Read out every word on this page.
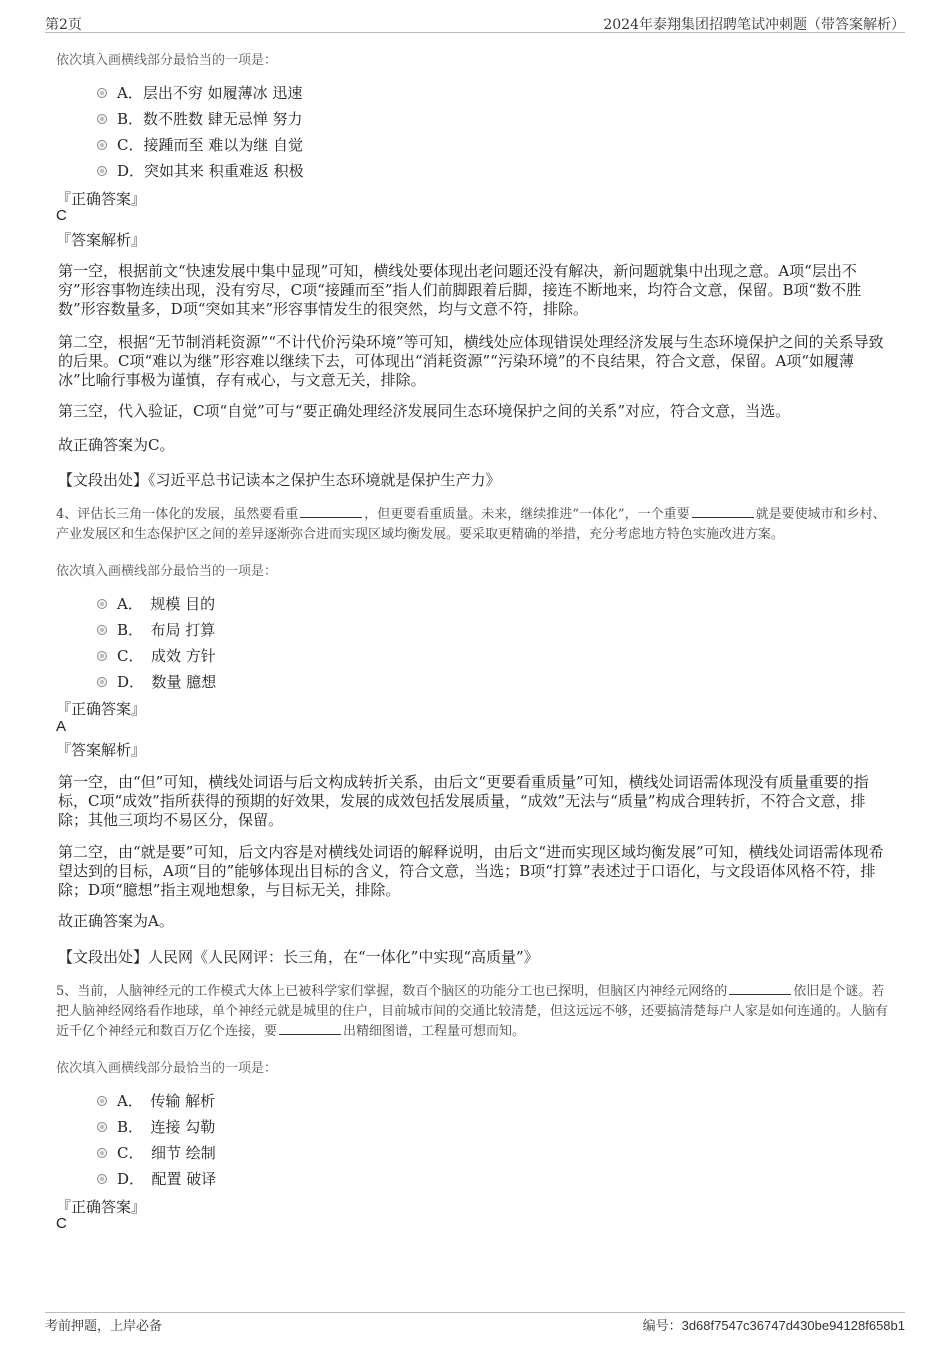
第2页	2024年泰翔集团招聘笔试冲刺题（带答案解析）
依次填入画横线部分最恰当的一项是：
A．层出不穷 如履薄冰 迅速
B．数不胜数 肆无忌惮 努力
C．接踵而至 难以为继 自觉
D．突如其来 积重难返 积极
『正确答案』
C
『答案解析』
第一空，根据前文“快速发展中集中显现”可知，横线处要体现出老问题还没有解决，新问题就集中出现之意。A项“层出不穷”形容事物连续出现，没有穷尽，C项“接踵而至”指人们前脚跟着后脚，接连不断地来，均符合文意，保留。B项“数不胜数”形容数量多，D项“突如其来”形容事情发生的很突然，均与文意不符，排除。
第二空，根据“无节制消耗资源”“不计代价污染环境”等可知，横线处应体现错误处理经济发展与生态环境保护之间的关系导致的后果。C项“难以为继”形容难以继续下去，可体现出“消耗资源”“污染环境”的不良结果，符合文意，保留。A项“如履薄冰”比喻行事极为谨慎，存有戒心，与文意无关，排除。
第三空，代入验证，C项“自觉”可与“要正确处理经济发展同生态环境保护之间的关系”对应，符合文意，当选。
故正确答案为C。
【文段出处】《习近平总书记读本之保护生态环境就是保护生产力》
4、评估长三角一体化的发展，虽然要看重	，但更要看重质量。未来，继续推进“一体化”，一个重要	就是要使城市和乡村、产业发展区和生态保护区之间的差异逐渐弥合进而实现区域均衡发展。要采取更精确的举措，充分考虑地方特色实施改进方案。
依次填入画横线部分最恰当的一项是：
A．　规模 目的
B．　布局 打算
C．　成效 方针
D．　数量 臆想
『正确答案』
A
『答案解析』
第一空，由“但”可知，横线处词语与后文构成转折关系，由后文“更要看重质量”可知，横线处词语需体现没有质量重要的指标，C项“成效”指所获得的预期的好效果，发展的成效包括发展质量，“成效”无法与“质量”构成合理转折，不符合文意，排除；其他三项均不易区分，保留。
第二空，由“就是要”可知，后文内容是对横线处词语的解释说明，由后文“进而实现区域均衡发展”可知，横线处词语需体现希望达到的目标，A项“目的”能够体现出目标的含义，符合文意，当选；B项“打算”表述过于口语化，与文段语体风格不符，排除；D项“臆想”指主观地想象，与目标无关，排除。
故正确答案为A。
【文段出处】人民网《人民网评：长三角，在“一体化”中实现“高质量”》
5、当前，人脑神经元的工作模式大体上已被科学家们掌握，数百个脑区的功能分工也已探明，但脑区内神经元网络的	依旧是个谜。若把人脑神经网络看作地球，单个神经元就是城里的住户，目前城市间的交通比较清楚，但这远远不够，还要搞清楚每户人家是如何连通的。人脑有近千亿个神经元和数百万亿个连接，要	出精细图谱，工程量可想而知。
依次填入画横线部分最恰当的一项是：
A．　传输 解析
B．　连接 勾勒
C．　细节 绘制
D．　配置 破译
『正确答案』
C
考前押题，上岸必备	编号：3d68f7547c36747d430be94128f658b1
